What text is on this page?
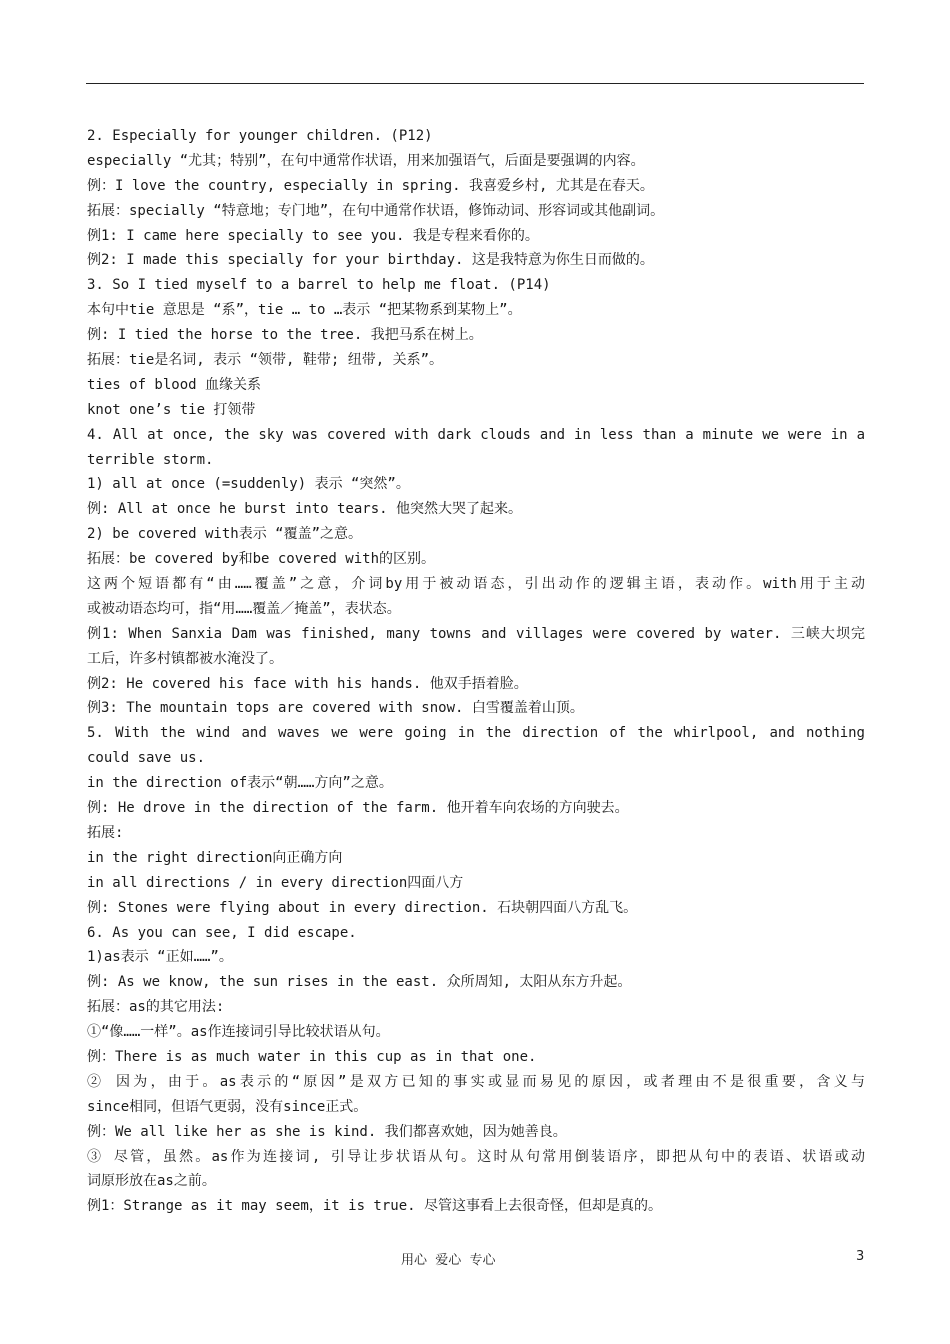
2. Especially for younger children. (P12)
especially “尤其；特别”，在句中通常作状语，用来加强语气，后面是要强调的内容。
例：I love the country, especially in spring. 我喜爱乡村, 尤其是在春天。
拓展：specially “特意地；专门地”，在句中通常作状语，修饰动词、形容词或其他副词。
例1: I came here specially to see you. 我是专程来看你的。
例2: I made this specially for your birthday. 这是我特意为你生日而做的。
3. So I tied myself to a barrel to help me float. (P14)
本句中tie 意思是 “系”，tie … to …表示 “把某物系到某物上”。
例: I tied the horse to the tree. 我把马系在树上。
拓展：tie是名词, 表示 “领带, 鞋带; 纽带, 关系”。
ties of blood 血缘关系
knot one’s tie 打领带
4. All at once, the sky was covered with dark clouds and in less than a minute we were in a
terrible storm.
1) all at once (=suddenly) 表示 “突然”。
例: All at once he burst into tears. 他突然大哭了起来。
2) be covered with表示 “覆盖”之意。
拓展：be covered by和be covered with的区别。
这两个短语都有“由……覆盖”之意，介词by用于被动语态，引出动作的逻辑主语，表动作。with用于主动
或被动语态均可，指“用……覆盖／掩盖”，表状态。
例1: When Sanxia Dam was finished, many towns and villages were covered by water. 三峡大坝完
工后，许多村镇都被水淹没了。
例2: He covered his face with his hands. 他双手捂着脸。
例3: The mountain tops are covered with snow. 白雪覆盖着山顶。
5. With the wind and waves we were going in the direction of the whirlpool, and nothing
could save us.
in the direction of表示“朝……方向”之意。
例: He drove in the direction of the farm. 他开着车向农场的方向驶去。
拓展:
in the right direction向正确方向
in all directions / in every direction四面八方
例: Stones were flying about in every direction. 石块朝四面八方乱飞。
6. As you can see, I did escape.
1)as表示 “正如……”。
例: As we know, the sun rises in the east. 众所周知, 太阳从东方升起。
拓展：as的其它用法:
①“像……一样”。as作连接词引导比较状语从句。
例：There is as much water in this cup as in that one.
② 因为，由于。as表示的“原因”是双方已知的事实或显而易见的原因，或者理由不是很重要，含义与
since相同，但语气更弱，没有since正式。
例：We all like her as she is kind. 我们都喜欢她，因为她善良。
③ 尽管，虽然。as作为连接词, 引导让步状语从句。这时从句常用倒装语序，即把从句中的表语、状语或动
词原形放在as之前。
例1：Strange as it may seem，it is true. 尽管这事看上去很奇怪，但却是真的。
用心  爱心  专心	3
